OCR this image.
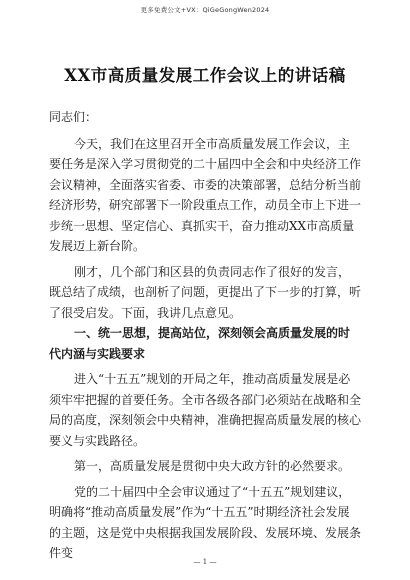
更多免费公文+VX：QiGeGongWen2024
XX市高质量发展工作会议上的讲话稿

同志们：

今天，我们在这里召开全市高质量发展工作会议，主要任务是深入学习贯彻党的二十届四中全会和中央经济工作会议精神，全面落实省委、市委的决策部署，总结分析当前经济形势，研究部署下一阶段重点工作，动员全市上下进一步统一思想、坚定信心、真抓实干，奋力推动XX市高质量发展迈上新台阶。

刚才，几个部门和区县的负责同志作了很好的发言，既总结了成绩，也剖析了问题，更提出了下一步的打算，听了很受启发。下面，我讲几点意见。

一、统一思想，提高站位，深刻领会高质量发展的时代内涵与实践要求

进入“十五五”规划的开局之年，推动高质量发展是必须牢牢把握的首要任务。全市各级各部门必须站在战略和全局的高度，深刻领会中央精神，准确把握高质量发展的核心要义与实践路径。

第一，高质量发展是贯彻中央大政方针的必然要求。

党的二十届四中全会审议通过了“十五五”规划建议，明确将“推动高质量发展”作为“十五五”时期经济社会发展的主题，这是党中央根据我国发展阶段、发展环境、发展条件变

— 1 —
